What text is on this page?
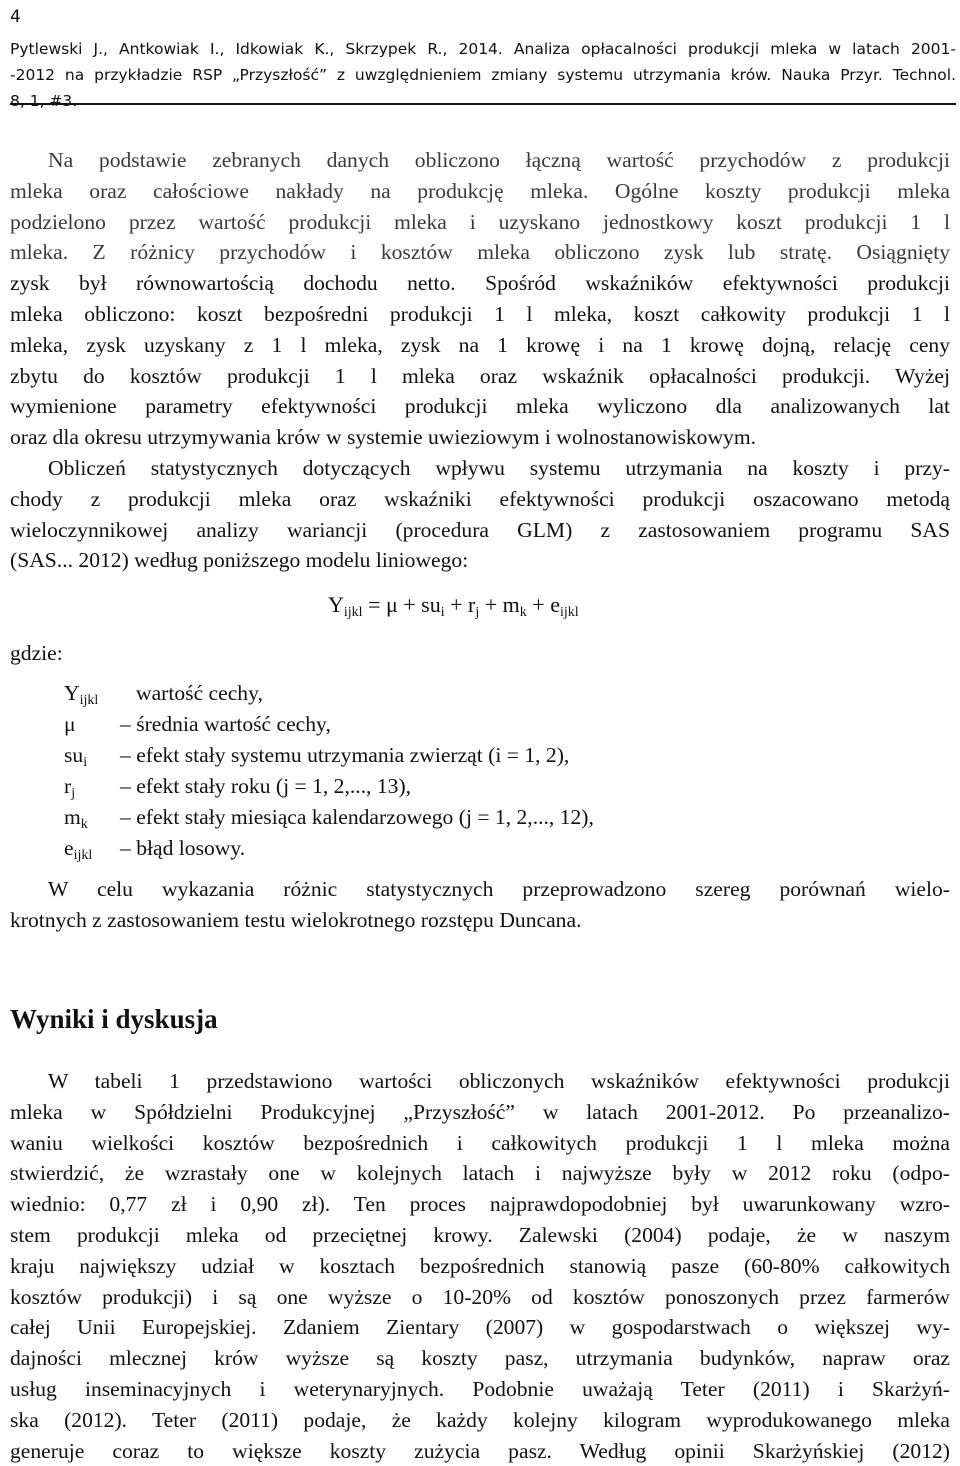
4
Pytlewski J., Antkowiak I., Idkowiak K., Skrzypek R., 2014. Analiza opłacalności produkcji mleka w latach 2001-
-2012 na przykładzie RSP „Przyszłość” z uwzględnieniem zmiany systemu utrzymania krów. Nauka Przyr. Technol.
8, 1, #3.
Na podstawie zebranych danych obliczono łączną wartość przychodów z produkcji
mleka oraz całościowe nakłady na produkcję mleka. Ogólne koszty produkcji mleka
podzielono przez wartość produkcji mleka i uzyskano jednostkowy koszt produkcji 1 l
mleka. Z różnicy przychodów i kosztów mleka obliczono zysk lub stratę. Osiągnięty
zysk był równowartością dochodu netto. Spośród wskaźników efektywności produkcji
mleka obliczono: koszt bezpośredni produkcji 1 l mleka, koszt całkowity produkcji 1 l
mleka, zysk uzyskany z 1 l mleka, zysk na 1 krowę i na 1 krowę dojną, relację ceny
zbytu do kosztów produkcji 1 l mleka oraz wskaźnik opłacalności produkcji. Wyżej
wymienione parametry efektywności produkcji mleka wyliczono dla analizowanych lat
oraz dla okresu utrzymywania krów w systemie uwieziowym i wolnostanowiskowym.
Obliczeń statystycznych dotyczących wpływu systemu utrzymania na koszty i przy-
chody z produkcji mleka oraz wskaźniki efektywności produkcji oszacowano metodą
wieloczynnikowej analizy wariancji (procedura GLM) z zastosowaniem programu SAS
(SAS... 2012) według poniższego modelu liniowego:
$Y_{ijkl} = \mu + su_i + r_j + m_k + e_{ijkl}$
gdzie:
$Y_{ijkl}$ wartość cechy,
μ – średnia wartość cechy,
$su_i$ – efekt stały systemu utrzymania zwierząt (i = 1, 2),
$r_j$ – efekt stały roku (j = 1, 2,..., 13),
$m_k$ – efekt stały miesiąca kalendarzowego (j = 1, 2,..., 12),
$e_{ijkl}$ – błąd losowy.
W celu wykazania różnic statystycznych przeprowadzono szereg porównań wielo-
krotnych z zastosowaniem testu wielokrotnego rozstępu Duncana.
Wyniki i dyskusja
W tabeli 1 przedstawiono wartości obliczonych wskaźników efektywności produkcji
mleka w Spółdzielni Produkcyjnej „Przyszłość” w latach 2001-2012. Po przeanalizo-
waniu wielkości kosztów bezpośrednich i całkowitych produkcji 1 l mleka można
stwierdzić, że wzrastały one w kolejnych latach i najwyższe były w 2012 roku (odpo-
wiednio: 0,77 zł i 0,90 zł). Ten proces najprawdopodobniej był uwarunkowany wzro-
stem produkcji mleka od przeciętnej krowy. Zalewski (2004) podaje, że w naszym
kraju największy udział w kosztach bezpośrednich stanowią pasze (60-80% całkowitych
kosztów produkcji) i są one wyższe o 10-20% od kosztów ponoszonych przez farmerów
całej Unii Europejskiej. Zdaniem Zientary (2007) w gospodarstwach o większej wy-
dajności mlecznej krów wyższe są koszty pasz, utrzymania budynków, napraw oraz
usług inseminacyjnych i weterynaryjnych. Podobnie uważają Teter (2011) i Skarżyń-
ska (2012). Teter (2011) podaje, że każdy kolejny kilogram wyprodukowanego mleka
generuje coraz to większe koszty zużycia pasz. Według opinii Skarżyńskiej (2012)
